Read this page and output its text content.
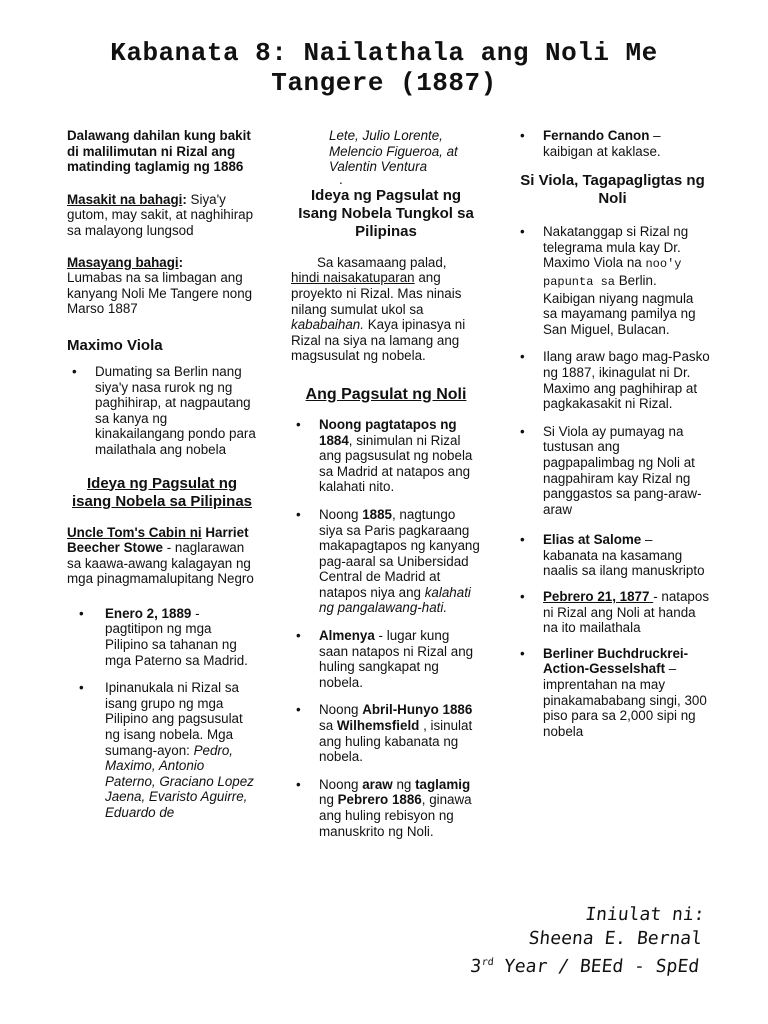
Kabanata 8: Nailathala ang Noli Me
Tangere (1887)

Dalawang dahilan kung bakit di malilimutan ni Rizal ang matinding taglamig ng 1886

Masakit na bahagi: Siya'y gutom, may sakit, at naghihirap sa malayong lungsod

Masayang bahagi:
Lumabas na sa limbagan ang kanyang Noli Me Tangere nong Marso 1887

Maximo Viola

• Dumating sa Berlin nang siya'y nasa rurok ng ng paghihirap, at nagpautang sa kanya ng kinakailangang pondo para mailathala ang nobela

Ideya ng Pagsulat ng isang Nobela sa Pilipinas

Uncle Tom's Cabin ni Harriet Beecher Stowe - naglarawan sa kaawa-awang kalagayan ng mga pinagmamalupitang Negro

• Enero 2, 1889 - pagtitipon ng mga Pilipino sa tahanan ng mga Paterno sa Madrid.
• Ipinanukala ni Rizal sa isang grupo ng mga Pilipino ang pagsusulat ng isang nobela. Mga sumang-ayon: Pedro, Maximo, Antonio Paterno, Graciano Lopez Jaena, Evaristo Aguirre, Eduardo de

Lete, Julio Lorente, Melencio Figueroa, at Valentin Ventura

.

Ideya ng Pagsulat ng Isang Nobela Tungkol sa Pilipinas

Sa kasamaang palad,
hindi naisakatuparan ang proyekto ni Rizal. Mas ninais nilang sumulat ukol sa kababaihan. Kaya ipinasya ni Rizal na siya na lamang ang magsusulat ng nobela.

Ang Pagsulat ng Noli

• Noong pagtatapos ng 1884, sinimulan ni Rizal ang pagsusulat ng nobela sa Madrid at natapos ang kalahati nito.
• Noong 1885, nagtungo siya sa Paris pagkaraang makapagtapos ng kanyang pag-aaral sa Unibersidad Central de Madrid at natapos niya ang kalahati ng pangalawang-hati.
• Almenya - lugar kung saan natapos ni Rizal ang huling sangkapat ng nobela.
• Noong Abril-Hunyo 1886 sa Wilhemsfield , isinulat ang huling kabanata ng nobela.
• Noong araw ng taglamig ng Pebrero 1886, ginawa ang huling rebisyon ng manuskrito ng Noli.
• Fernando Canon – kaibigan at kaklase.

Si Viola, Tagapagligtas ng Noli

• Nakatanggap si Rizal ng telegrama mula kay Dr. Maximo Viola na noo'y papunta sa Berlin. Kaibigan niyang nagmula sa mayamang pamilya ng San Miguel, Bulacan.
• Ilang araw bago mag-Pasko ng 1887, ikinagulat ni Dr. Maximo ang paghihirap at pagkakasakit ni Rizal.
• Si Viola ay pumayag na tustusan ang pagpapalimbag ng Noli at nagpahiram kay Rizal ng panggastos sa pang-araw-araw
• Elias at Salome – kabanata na kasamang naalis sa ilang manuskripto
• Pebrero 21, 1877 - natapos ni Rizal ang Noli at handa na ito mailathala
• Berliner Buchdruckrei-Action-Gesselshaft – imprentahan na may pinakamababang singi, 300 piso para sa 2,000 sipi ng nobela
Iniulat ni:
Sheena E. Bernal
3rd Year / BEEd - SpEd
